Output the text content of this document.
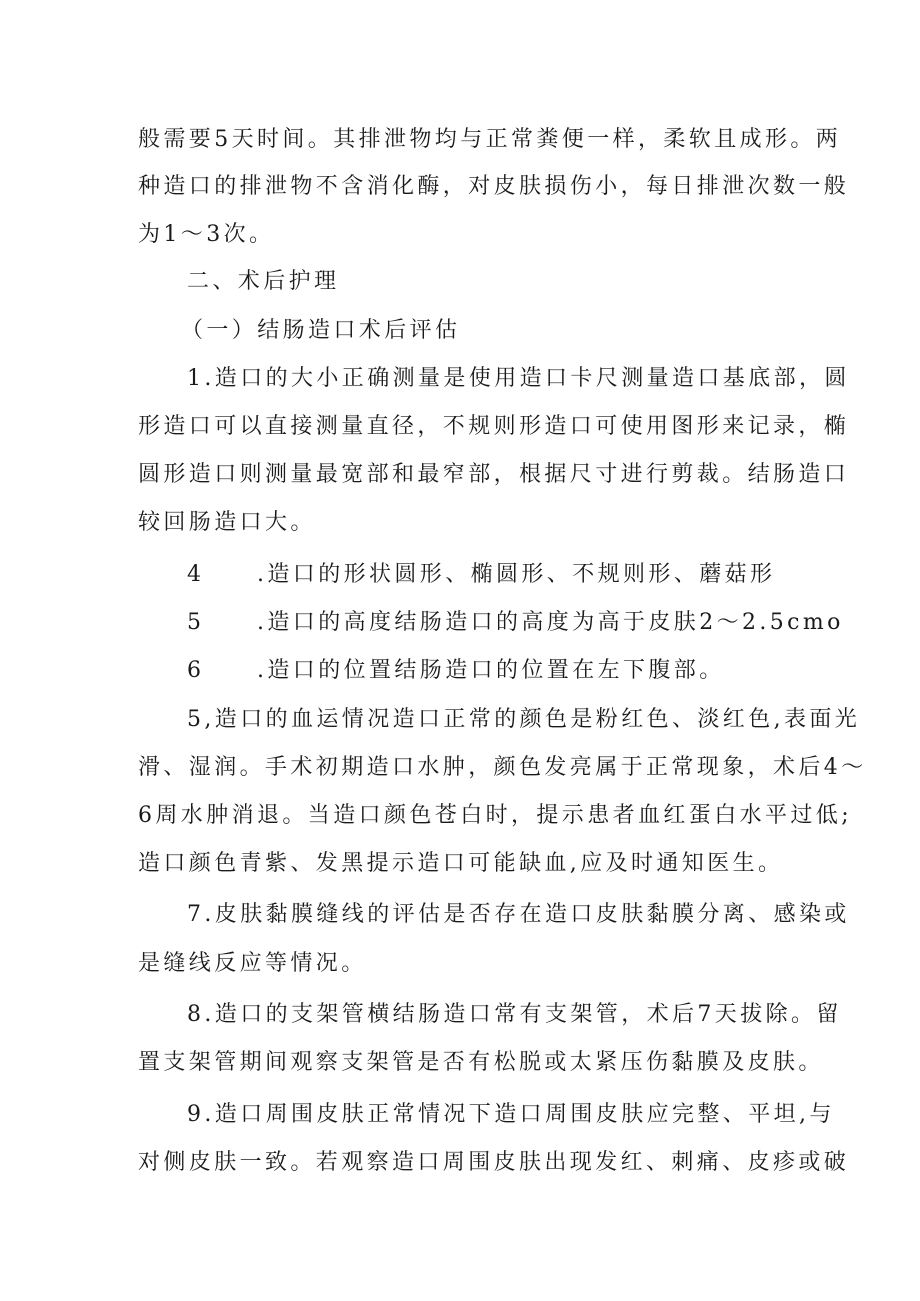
般需要5天时间。其排泄物均与正常粪便一样，柔软且成形。两
种造口的排泄物不含消化酶，对皮肤损伤小，每日排泄次数一般
为1～3次。
二、术后护理
（一）结肠造口术后评估
1.造口的大小正确测量是使用造口卡尺测量造口基底部，圆
形造口可以直接测量直径，不规则形造口可使用图形来记录，椭
圆形造口则测量最宽部和最窄部，根据尺寸进行剪裁。结肠造口
较回肠造口大。
4 .造口的形状圆形、椭圆形、不规则形、蘑菇形
5 .造口的高度结肠造口的高度为高于皮肤2～2.5cmo
6 .造口的位置结肠造口的位置在左下腹部。
5,造口的血运情况造口正常的颜色是粉红色、淡红色,表面光
滑、湿润。手术初期造口水肿，颜色发亮属于正常现象，术后4～
6周水肿消退。当造口颜色苍白时，提示患者血红蛋白水平过低;
造口颜色青紫、发黑提示造口可能缺血,应及时通知医生。
7.皮肤黏膜缝线的评估是否存在造口皮肤黏膜分离、感染或
是缝线反应等情况。
8.造口的支架管横结肠造口常有支架管，术后7天拔除。留
置支架管期间观察支架管是否有松脱或太紧压伤黏膜及皮肤。
9.造口周围皮肤正常情况下造口周围皮肤应完整、平坦,与
对侧皮肤一致。若观察造口周围皮肤出现发红、刺痛、皮疹或破
